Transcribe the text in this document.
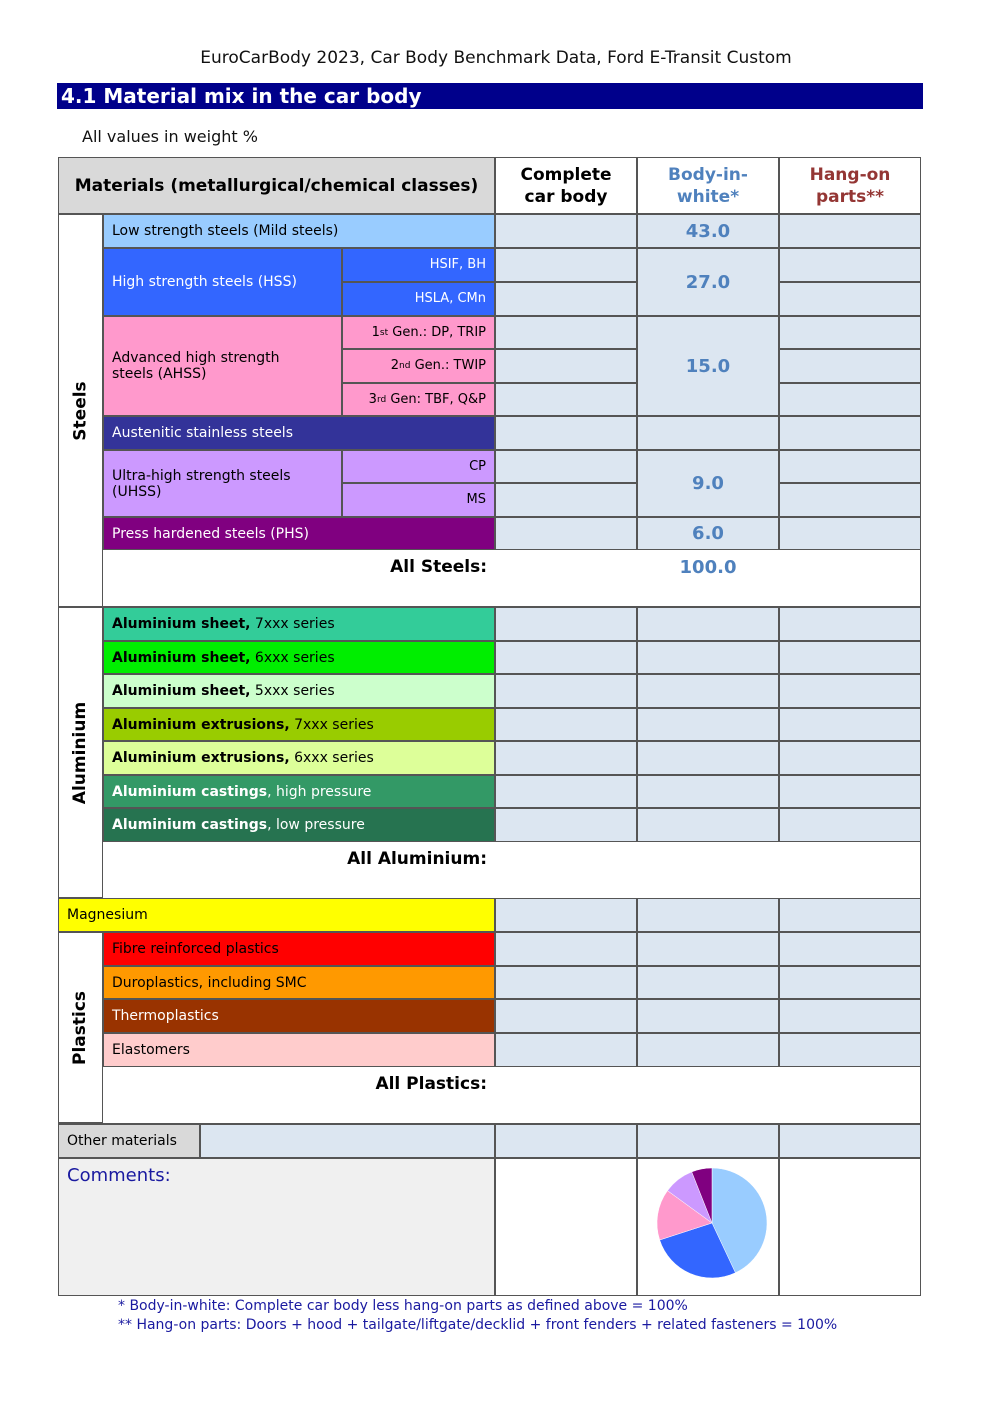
EuroCarBody 2023, Car Body Benchmark Data, Ford E-Transit Custom
4.1 Material mix in the car body
All values in weight %
Materials (metallurgical/chemical classes)
Complete
car body
Body-in-
white*
Hang-on
parts**
Steels
Aluminium
Plastics
Low strength steels (Mild steels)
High strength steels (HSS)
HSIF, BH
HSLA, CMn
Advanced high strength
steels (AHSS)
1 st Gen.: DP, TRIP
2 nd Gen.: TWIP
3 rd Gen: TBF, Q&P
Austenitic stainless steels
Ultra-high strength steels
(UHSS)
CP
MS
Press hardened steels (PHS)
All Steels:
43.0
27.0
15.0
9.0
6.0
100.0
Aluminium sheet, 7xxx series
Aluminium sheet, 6xxx series
Aluminium sheet, 5xxx series
Aluminium extrusions, 7xxx series
Aluminium extrusions, 6xxx series
Aluminium castings , high pressure
Aluminium castings , low pressure
All Aluminium:
Magnesium
Fibre reinforced plastics
Duroplastics, including SMC
Thermoplastics
Elastomers
All Plastics:
Other materials
Comments:
* Body-in-white: Complete car body less hang-on parts as defined above = 100%
** Hang-on parts: Doors + hood + tailgate/liftgate/decklid + front fenders + related fasteners = 100%
